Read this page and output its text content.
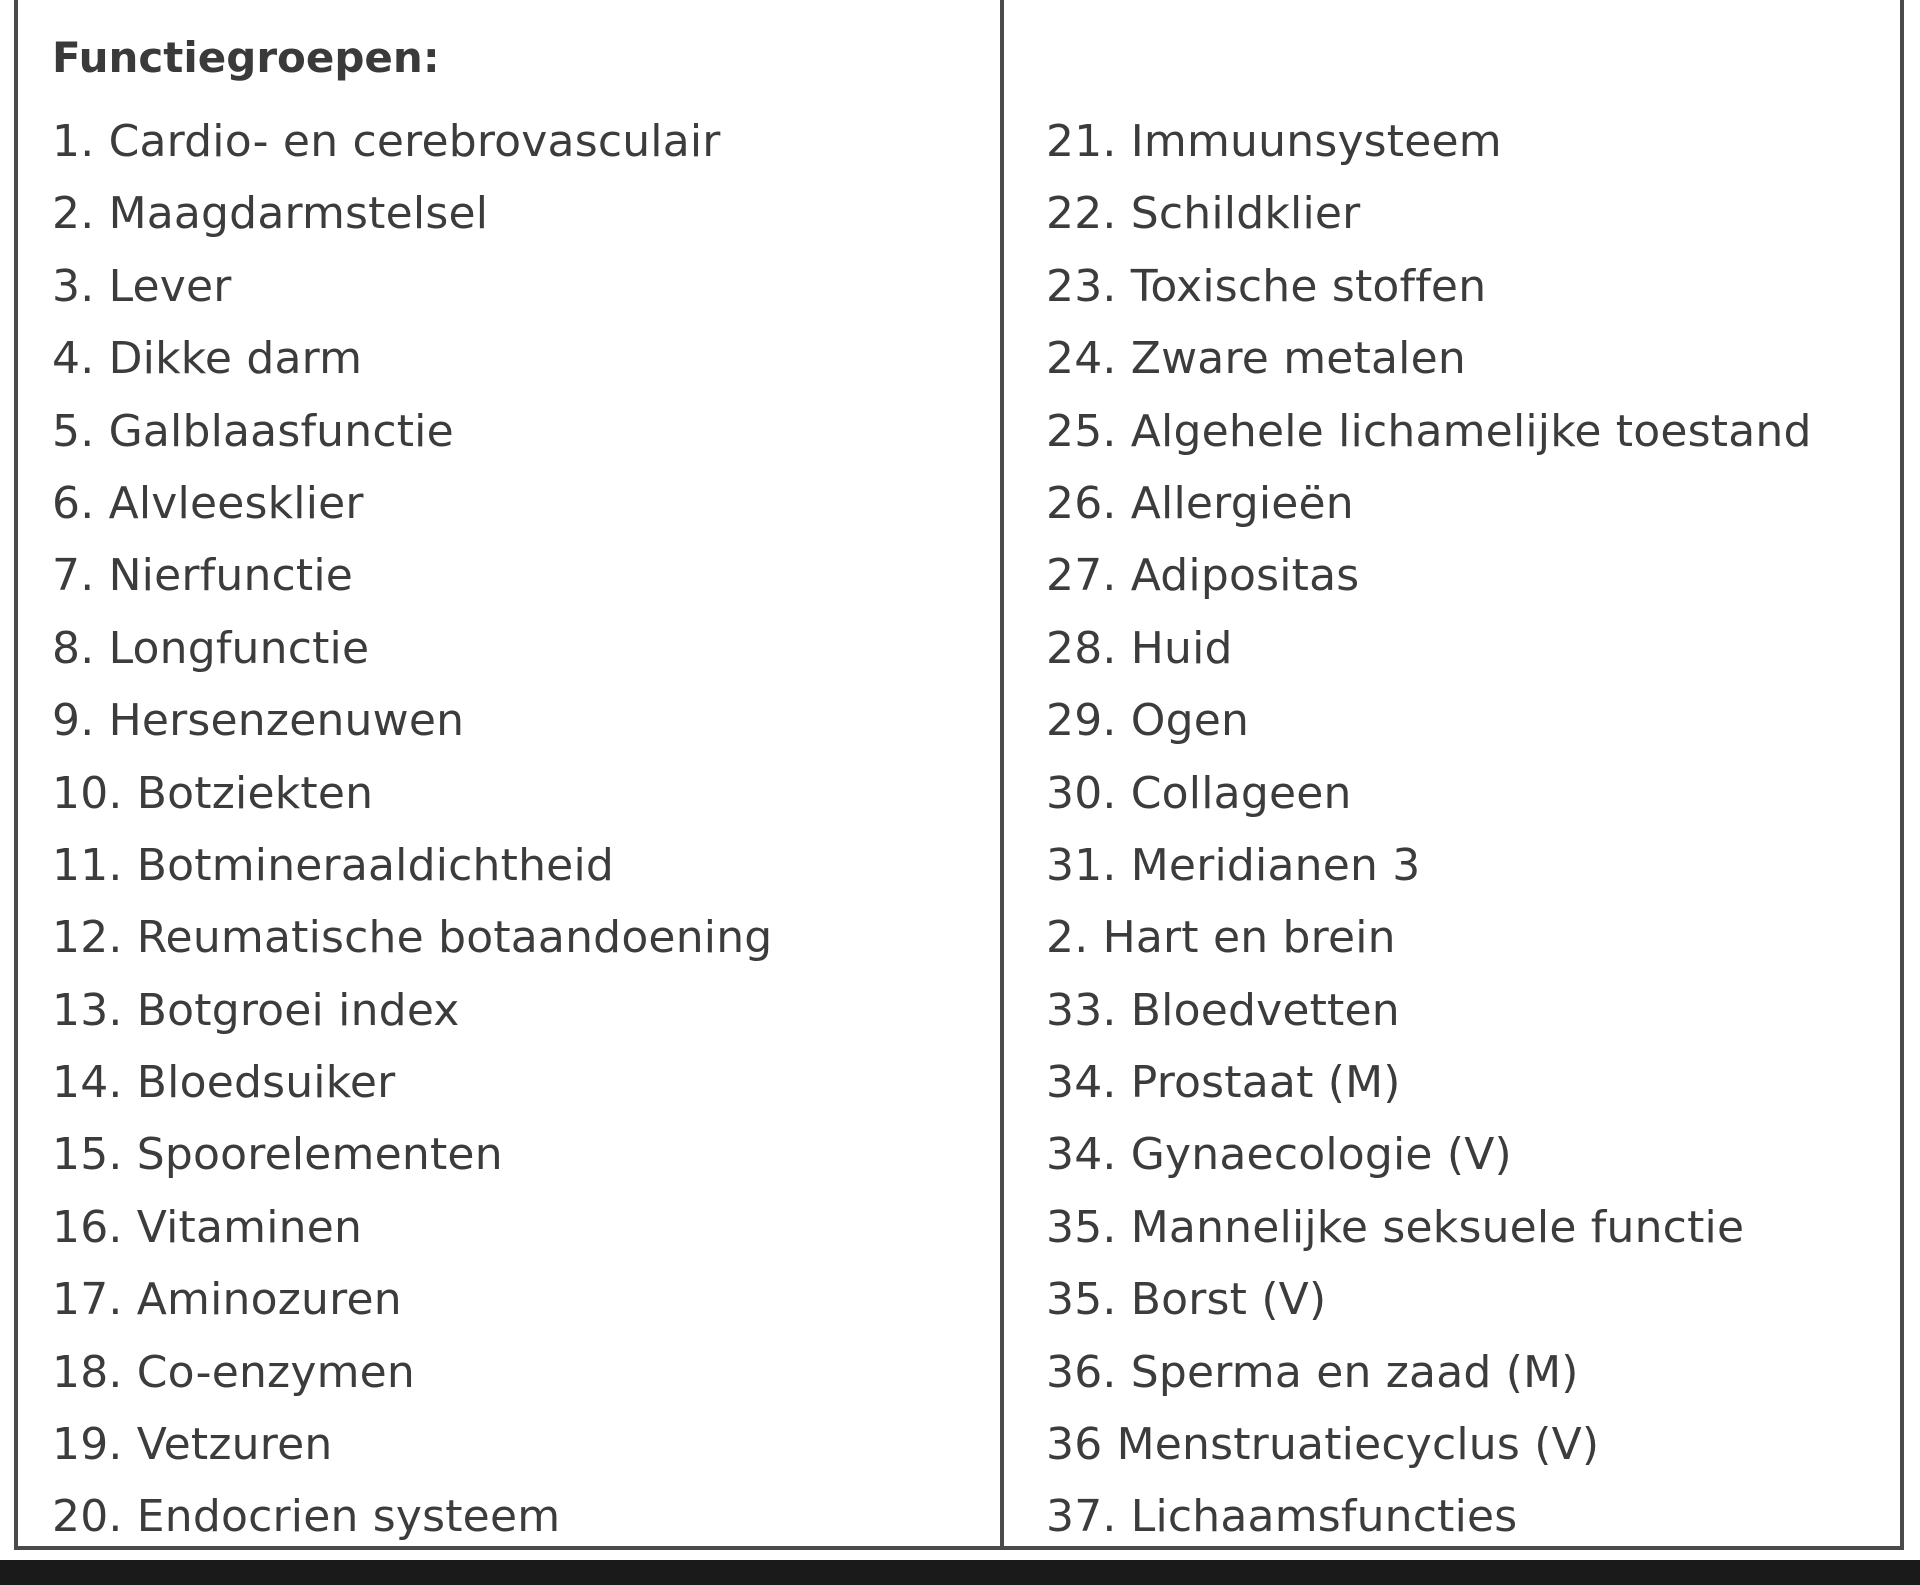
Functiegroepen:
1. Cardio- en cerebrovasculair
2. Maagdarmstelsel
3. Lever
4. Dikke darm
5. Galblaasfunctie
6. Alvleesklier
7. Nierfunctie
8. Longfunctie
9. Hersenzenuwen
10. Botziekten
11. Botmineraaldichtheid
12. Reumatische botaandoening
13. Botgroei index
14. Bloedsuiker
15. Spoorelementen
16. Vitaminen
17. Aminozuren
18. Co-enzymen
19. Vetzuren
20. Endocrien systeem
21. Immuunsysteem
22. Schildklier
23. Toxische stoffen
24. Zware metalen
25. Algehele lichamelijke toestand
26. Allergieën
27. Adipositas
28. Huid
29. Ogen
30. Collageen
31. Meridianen 3
2. Hart en brein
33. Bloedvetten
34. Prostaat (M)
34. Gynaecologie (V)
35. Mannelijke seksuele functie
35. Borst (V)
36. Sperma en zaad (M)
36 Menstruatiecyclus (V)
37. Lichaamsfuncties
